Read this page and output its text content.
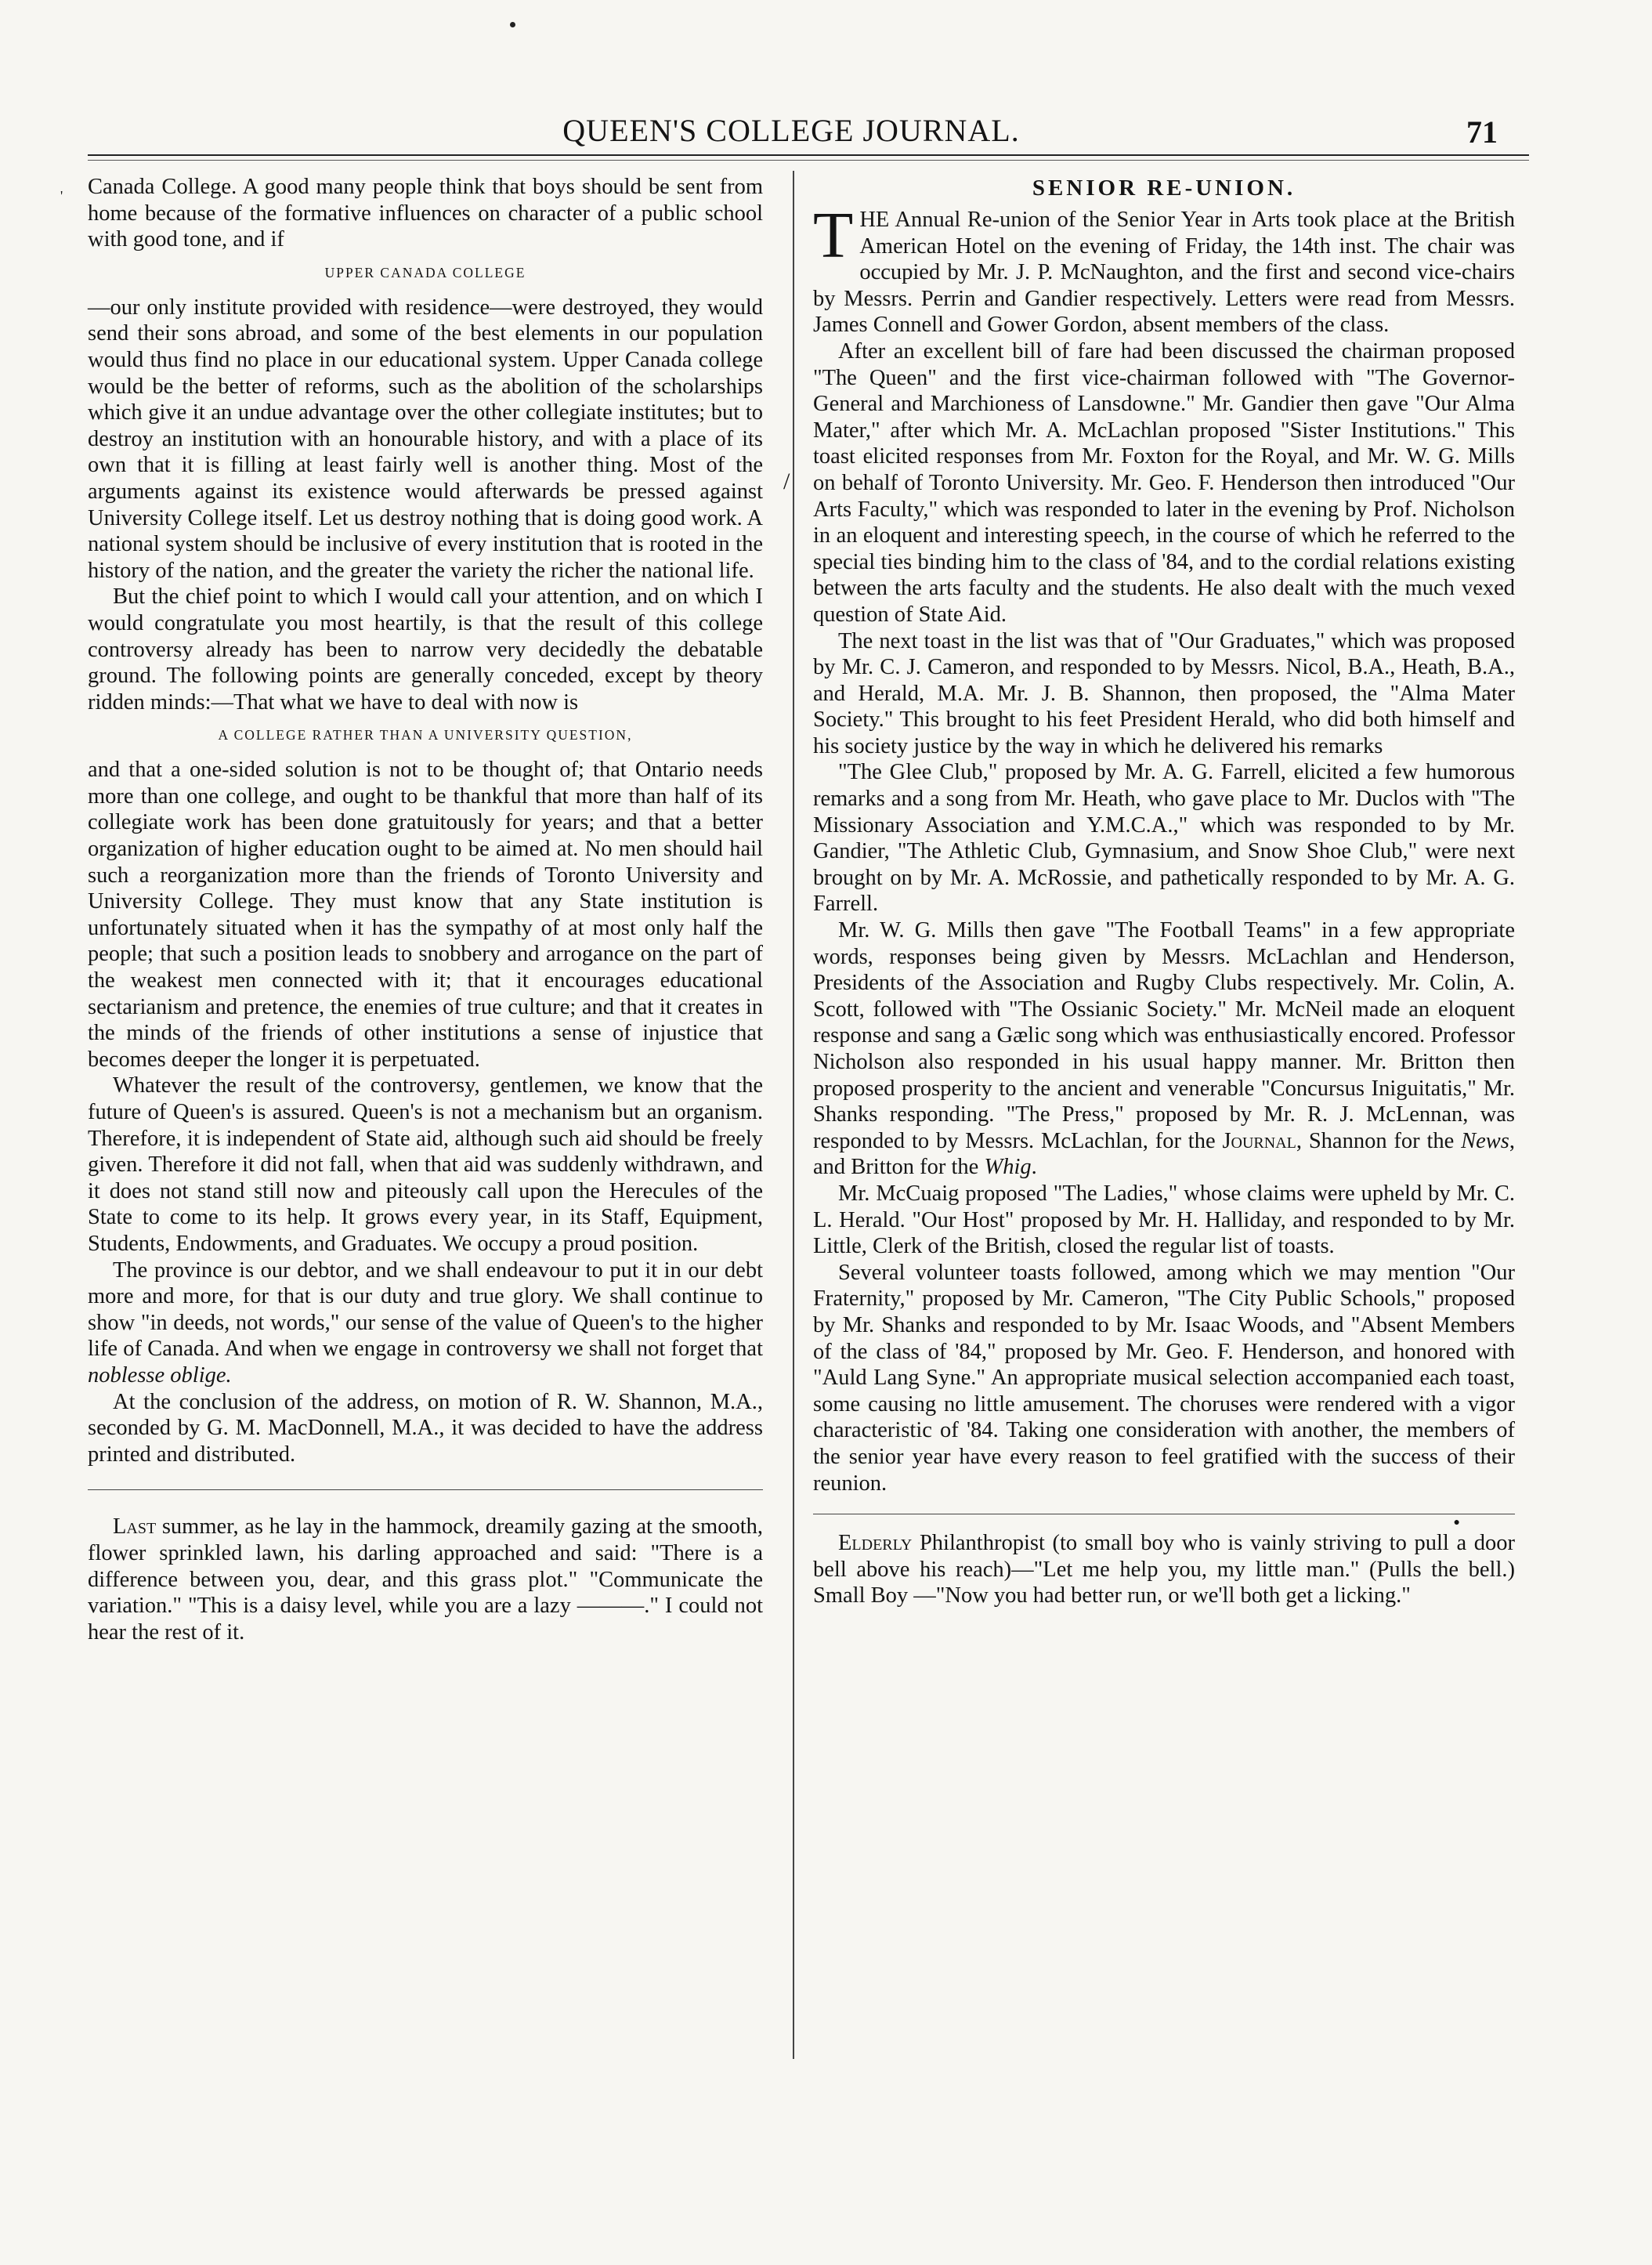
QUEEN'S COLLEGE JOURNAL.	71
'
/

Canada College. A good many people think that boys should be sent from home because of the formative influences on character of a public school with good tone, and if

UPPER CANADA COLLEGE

—our only institute provided with residence—were destroyed, they would send their sons abroad, and some of the best elements in our population would thus find no place in our educational system. Upper Canada college would be the better of reforms, such as the abolition of the scholarships which give it an undue advantage over the other collegiate institutes; but to destroy an institution with an honourable history, and with a place of its own that it is filling at least fairly well is another thing. Most of the arguments against its existence would afterwards be pressed against University College itself. Let us destroy nothing that is doing good work. A national system should be inclusive of every institution that is rooted in the history of the nation, and the greater the variety the richer the national life.

But the chief point to which I would call your attention, and on which I would congratulate you most heartily, is that the result of this college controversy already has been to narrow very decidedly the debatable ground. The following points are generally conceded, except by theory ridden minds:—That what we have to deal with now is

A COLLEGE RATHER THAN A UNIVERSITY QUESTION,

and that a one-sided solution is not to be thought of; that Ontario needs more than one college, and ought to be thankful that more than half of its collegiate work has been done gratuitously for years; and that a better organization of higher education ought to be aimed at. No men should hail such a reorganization more than the friends of Toronto University and University College. They must know that any State institution is unfortunately situated when it has the sympathy of at most only half the people; that such a position leads to snobbery and arrogance on the part of the weakest men connected with it; that it encourages educational sectarianism and pretence, the enemies of true culture; and that it creates in the minds of the friends of other institutions a sense of injustice that becomes deeper the longer it is perpetuated.

Whatever the result of the controversy, gentlemen, we know that the future of Queen's is assured. Queen's is not a mechanism but an organism. Therefore, it is independent of State aid, although such aid should be freely given. Therefore it did not fall, when that aid was suddenly withdrawn, and it does not stand still now and piteously call upon the Herecules of the State to come to its help. It grows every year, in its Staff, Equipment, Students, Endowments, and Graduates. We occupy a proud position.

The province is our debtor, and we shall endeavour to put it in our debt more and more, for that is our duty and true glory. We shall continue to show "in deeds, not words," our sense of the value of Queen's to the higher life of Canada. And when we engage in controversy we shall not forget that noblesse oblige.

At the conclusion of the address, on motion of R. W. Shannon, M.A., seconded by G. M. MacDonnell, M.A., it was decided to have the address printed and distributed.

Last summer, as he lay in the hammock, dreamily gazing at the smooth, flower sprinkled lawn, his darling approached and said: "There is a difference between you, dear, and this grass plot." "Communicate the variation." "This is a daisy level, while you are a lazy ———." I could not hear the rest of it.

SENIOR RE-UNION.

THE Annual Re-union of the Senior Year in Arts took place at the British American Hotel on the evening of Friday, the 14th inst. The chair was occupied by Mr. J. P. McNaughton, and the first and second vice-chairs by Messrs. Perrin and Gandier respectively. Letters were read from Messrs. James Connell and Gower Gordon, absent members of the class.

After an excellent bill of fare had been discussed the chairman proposed "The Queen" and the first vice-chairman followed with "The Governor-General and Marchioness of Lansdowne." Mr. Gandier then gave "Our Alma Mater," after which Mr. A. McLachlan proposed "Sister Institutions." This toast elicited responses from Mr. Foxton for the Royal, and Mr. W. G. Mills on behalf of Toronto University. Mr. Geo. F. Henderson then introduced "Our Arts Faculty," which was responded to later in the evening by Prof. Nicholson in an eloquent and interesting speech, in the course of which he referred to the special ties binding him to the class of '84, and to the cordial relations existing between the arts faculty and the students. He also dealt with the much vexed question of State Aid.

The next toast in the list was that of "Our Graduates," which was proposed by Mr. C. J. Cameron, and responded to by Messrs. Nicol, B.A., Heath, B.A., and Herald, M.A. Mr. J. B. Shannon, then proposed, the "Alma Mater Society." This brought to his feet President Herald, who did both himself and his society justice by the way in which he delivered his remarks

"The Glee Club," proposed by Mr. A. G. Farrell, elicited a few humorous remarks and a song from Mr. Heath, who gave place to Mr. Duclos with "The Missionary Association and Y.M.C.A.," which was responded to by Mr. Gandier, "The Athletic Club, Gymnasium, and Snow Shoe Club," were next brought on by Mr. A. McRossie, and pathetically responded to by Mr. A. G. Farrell.

Mr. W. G. Mills then gave "The Football Teams" in a few appropriate words, responses being given by Messrs. McLachlan and Henderson, Presidents of the Association and Rugby Clubs respectively. Mr. Colin, A. Scott, followed with "The Ossianic Society." Mr. McNeil made an eloquent response and sang a Gælic song which was enthusiastically encored. Professor Nicholson also responded in his usual happy manner. Mr. Britton then proposed prosperity to the ancient and venerable "Concursus Iniguitatis," Mr. Shanks responding. "The Press," proposed by Mr. R. J. McLennan, was responded to by Messrs. McLachlan, for the Journal, Shannon for the News, and Britton for the Whig.

Mr. McCuaig proposed "The Ladies," whose claims were upheld by Mr. C. L. Herald. "Our Host" proposed by Mr. H. Halliday, and responded to by Mr. Little, Clerk of the British, closed the regular list of toasts.

Several volunteer toasts followed, among which we may mention "Our Fraternity," proposed by Mr. Cameron, "The City Public Schools," proposed by Mr. Shanks and responded to by Mr. Isaac Woods, and "Absent Members of the class of '84," proposed by Mr. Geo. F. Henderson, and honored with "Auld Lang Syne." An appropriate musical selection accompanied each toast, some causing no little amusement. The choruses were rendered with a vigor characteristic of '84. Taking one consideration with another, the members of the senior year have every reason to feel gratified with the success of their reunion.

●

Elderly Philanthropist (to small boy who is vainly striving to pull a door bell above his reach)—"Let me help you, my little man." (Pulls the bell.) Small Boy —"Now you had better run, or we'll both get a licking."
